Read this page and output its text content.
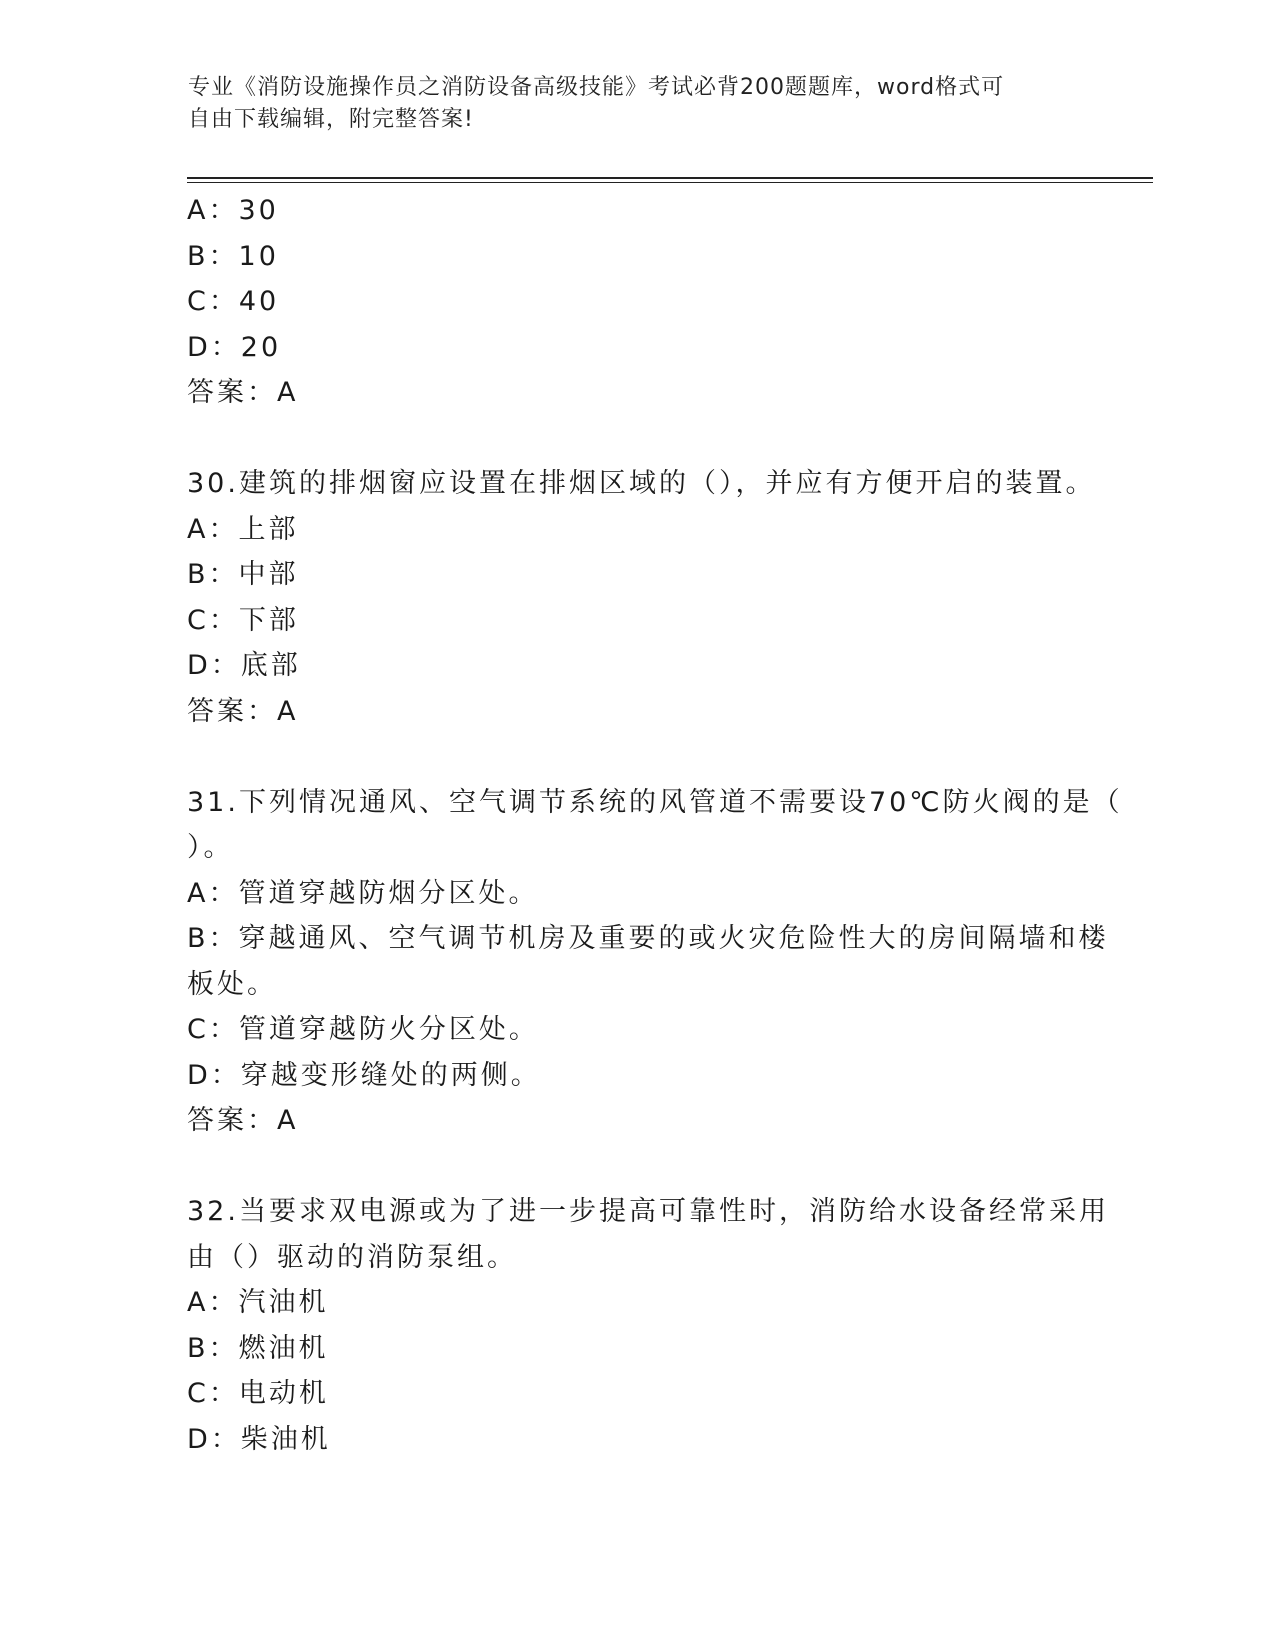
专业《消防设施操作员之消防设备高级技能》考试必背200题题库，word格式可
自由下载编辑，附完整答案!
A：30
B：10
C：40
D：20
答案：A
30.建筑的排烟窗应设置在排烟区域的（），并应有方便开启的装置。
A：上部
B：中部
C：下部
D：底部
答案：A
31.下列情况通风、空气调节系统的风管道不需要设70℃防火阀的是（
）。
A：管道穿越防烟分区处。
B：穿越通风、空气调节机房及重要的或火灾危险性大的房间隔墙和楼
板处。
C：管道穿越防火分区处。
D：穿越变形缝处的两侧。
答案：A
32.当要求双电源或为了进一步提高可靠性时，消防给水设备经常采用
由（）驱动的消防泵组。
A：汽油机
B：燃油机
C：电动机
D：柴油机
